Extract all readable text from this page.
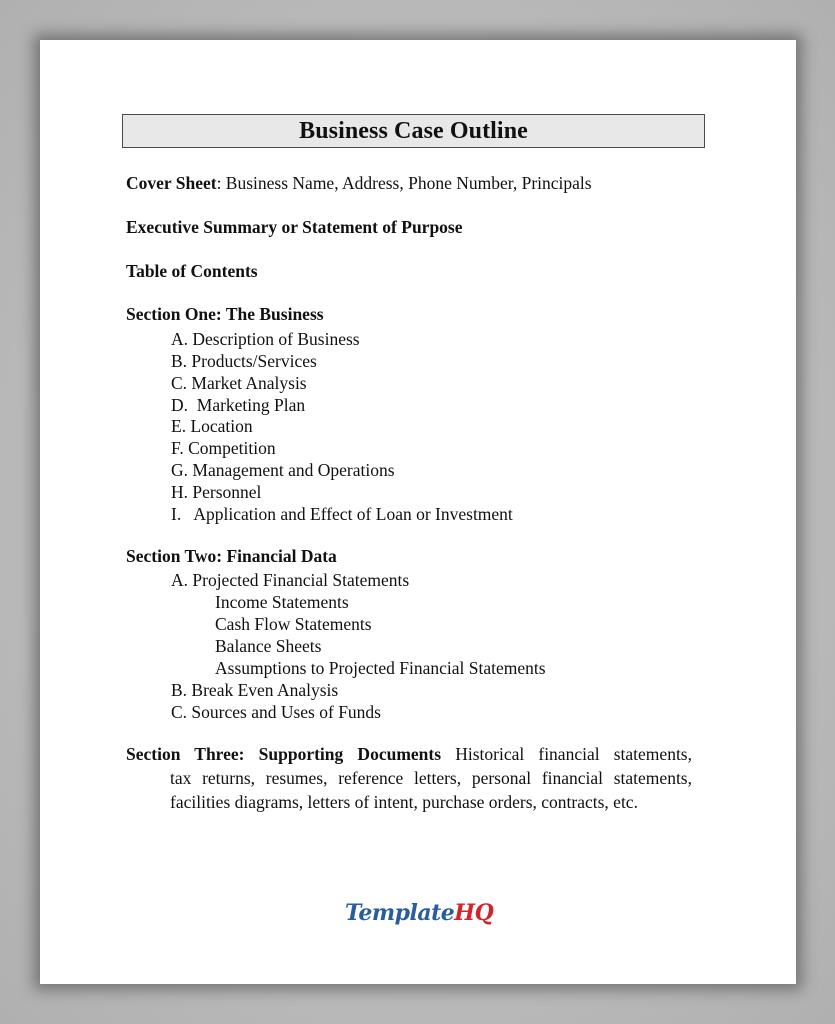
Business Case Outline
Cover Sheet: Business Name, Address, Phone Number, Principals
Executive Summary or Statement of Purpose
Table of Contents
Section One: The Business
A. Description of Business
B. Products/Services
C. Market Analysis
D.  Marketing Plan
E. Location
F. Competition
G. Management and Operations
H. Personnel
I.   Application and Effect of Loan or Investment
Section Two: Financial Data
A. Projected Financial Statements
Income Statements
Cash Flow Statements
Balance Sheets
Assumptions to Projected Financial Statements
B. Break Even Analysis
C. Sources and Uses of Funds
Section Three: Supporting Documents Historical financial statements,
tax returns, resumes, reference letters, personal financial statements, facilities diagrams, letters of intent, purchase orders, contracts, etc.
TemplateHQ
